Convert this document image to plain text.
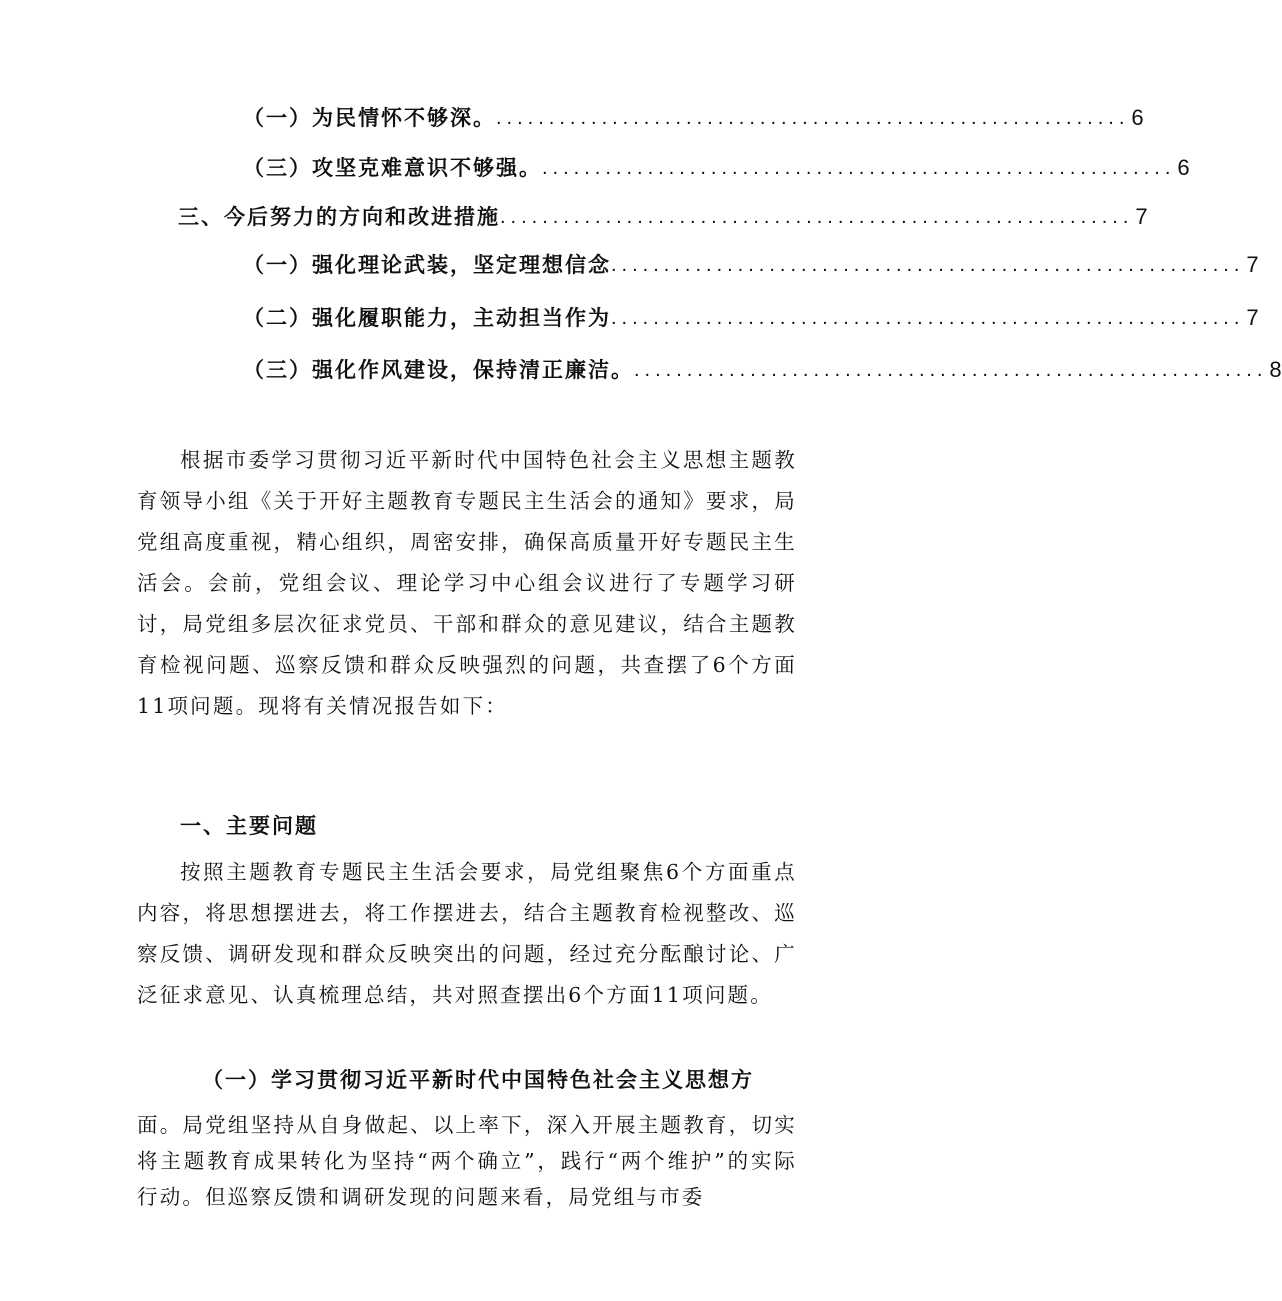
（一）为民情怀不够深。 ............................................................ 6
（三）攻坚克难意识不够强。 ............................................................ 6
三、今后努力的方向和改进措施 ............................................................ 7
（一）强化理论武装，坚定理想信念 ............................................................ 7
（二）强化履职能力，主动担当作为 ............................................................ 7
（三）强化作风建设，保持清正廉洁。 ............................................................ 8

根据市委学习贯彻习近平新时代中国特色社会主义思想主题教育领导小组《关于开好主题教育专题民主生活会的通知》要求，局党组高度重视，精心组织，周密安排，确保高质量开好专题民主生活会。会前，党组会议、理论学习中心组会议进行了专题学习研讨，局党组多层次征求党员、干部和群众的意见建议，结合主题教育检视问题、巡察反馈和群众反映强烈的问题，共查摆了6个方面11项问题。现将有关情况报告如下：

一、主要问题

按照主题教育专题民主生活会要求，局党组聚焦6个方面重点内容，将思想摆进去，将工作摆进去，结合主题教育检视整改、巡察反馈、调研发现和群众反映突出的问题，经过充分酝酿讨论、广泛征求意见、认真梳理总结，共对照查摆出6个方面11项问题。

（一）学习贯彻习近平新时代中国特色社会主义思想方

面。局党组坚持从自身做起、以上率下，深入开展主题教育，切实将主题教育成果转化为坚持“两个确立”，践行“两个维护”的实际行动。但巡察反馈和调研发现的问题来看，局党组与市委
